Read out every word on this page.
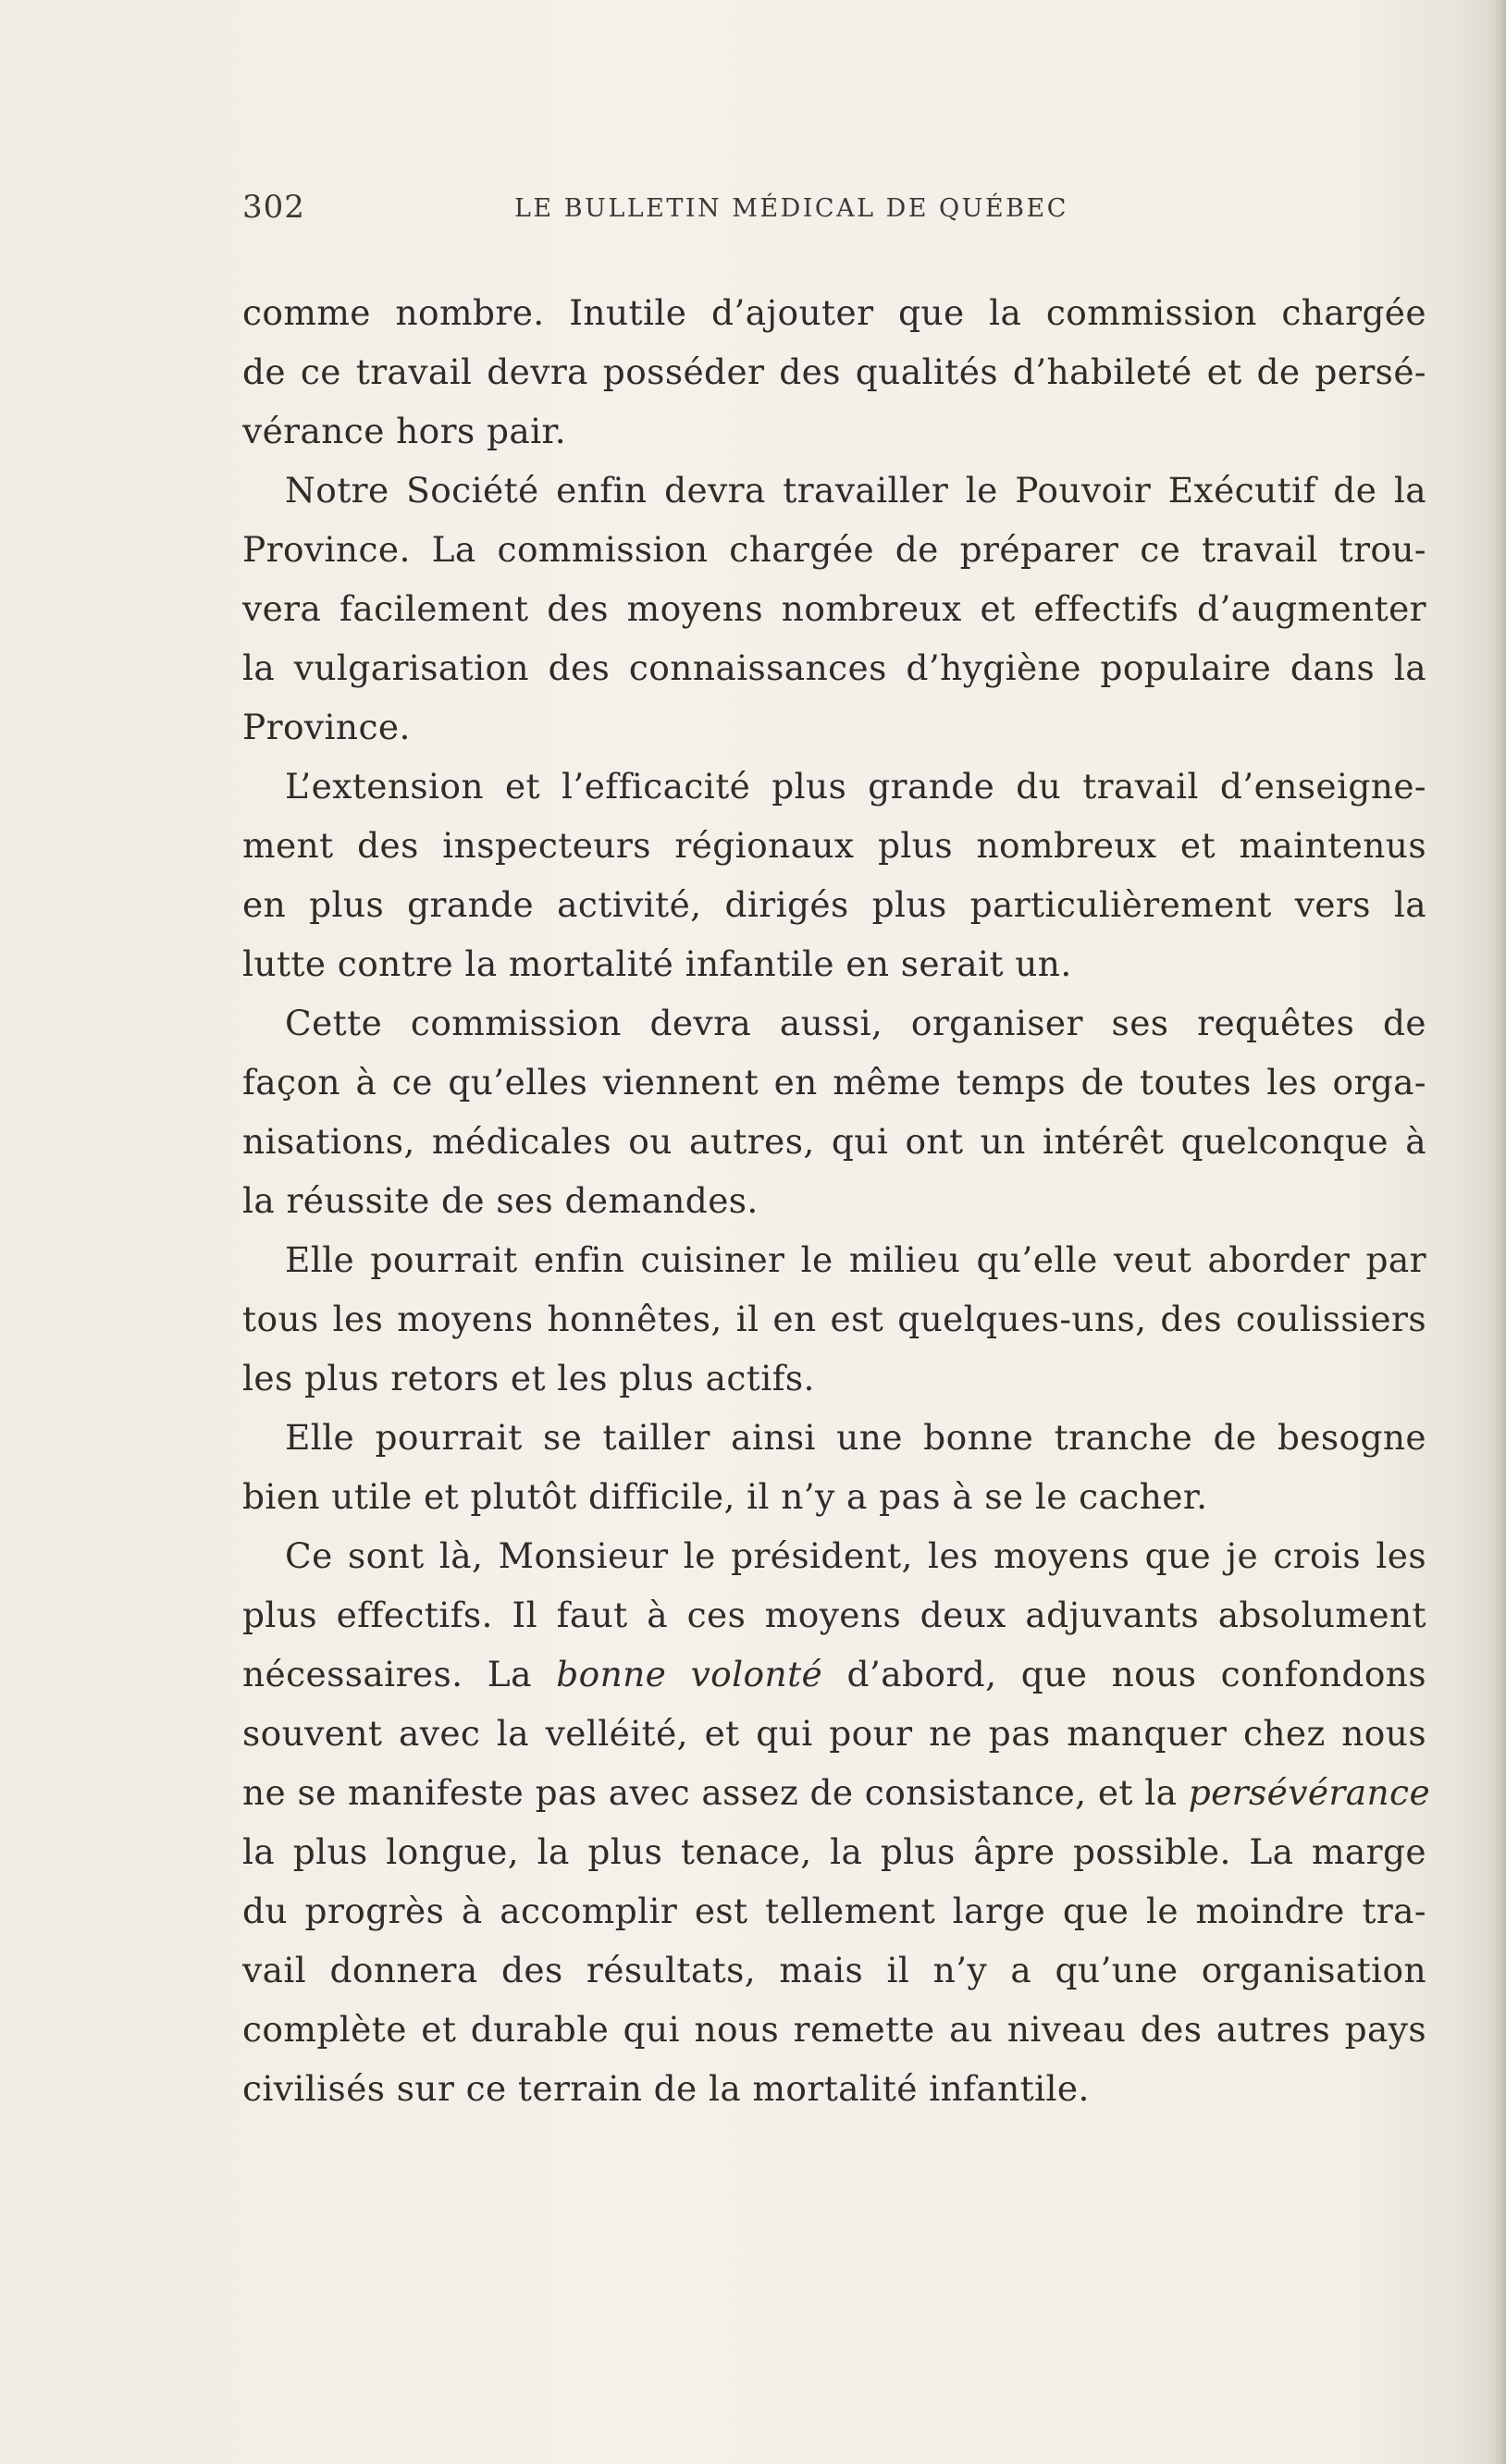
302	LE BULLETIN MÉDICAL DE QUÉBEC
comme nombre. Inutile d’ajouter que la commission chargée
de ce travail devra posséder des qualités d’habileté et de persé-
vérance hors pair.
Notre Société enfin devra travailler le Pouvoir Exécutif de la
Province. La commission chargée de préparer ce travail trou-
vera facilement des moyens nombreux et effectifs d’augmenter
la vulgarisation des connaissances d’hygiène populaire dans la
Province.
L’extension et l’efficacité plus grande du travail d’enseigne-
ment des inspecteurs régionaux plus nombreux et maintenus
en plus grande activité, dirigés plus particulièrement vers la
lutte contre la mortalité infantile en serait un.
Cette commission devra aussi, organiser ses requêtes de
façon à ce qu’elles viennent en même temps de toutes les orga-
nisations, médicales ou autres, qui ont un intérêt quelconque à
la réussite de ses demandes.
Elle pourrait enfin cuisiner le milieu qu’elle veut aborder par
tous les moyens honnêtes, il en est quelques-uns, des coulissiers
les plus retors et les plus actifs.
Elle pourrait se tailler ainsi une bonne tranche de besogne
bien utile et plutôt difficile, il n’y a pas à se le cacher.
Ce sont là, Monsieur le président, les moyens que je crois les
plus effectifs. Il faut à ces moyens deux adjuvants absolument
nécessaires. La bonne volonté d’abord, que nous confondons
souvent avec la velléité, et qui pour ne pas manquer chez nous
ne se manifeste pas avec assez de consistance, et la persévérance
la plus longue, la plus tenace, la plus âpre possible. La marge
du progrès à accomplir est tellement large que le moindre tra-
vail donnera des résultats, mais il n’y a qu’une organisation
complète et durable qui nous remette au niveau des autres pays
civilisés sur ce terrain de la mortalité infantile.
